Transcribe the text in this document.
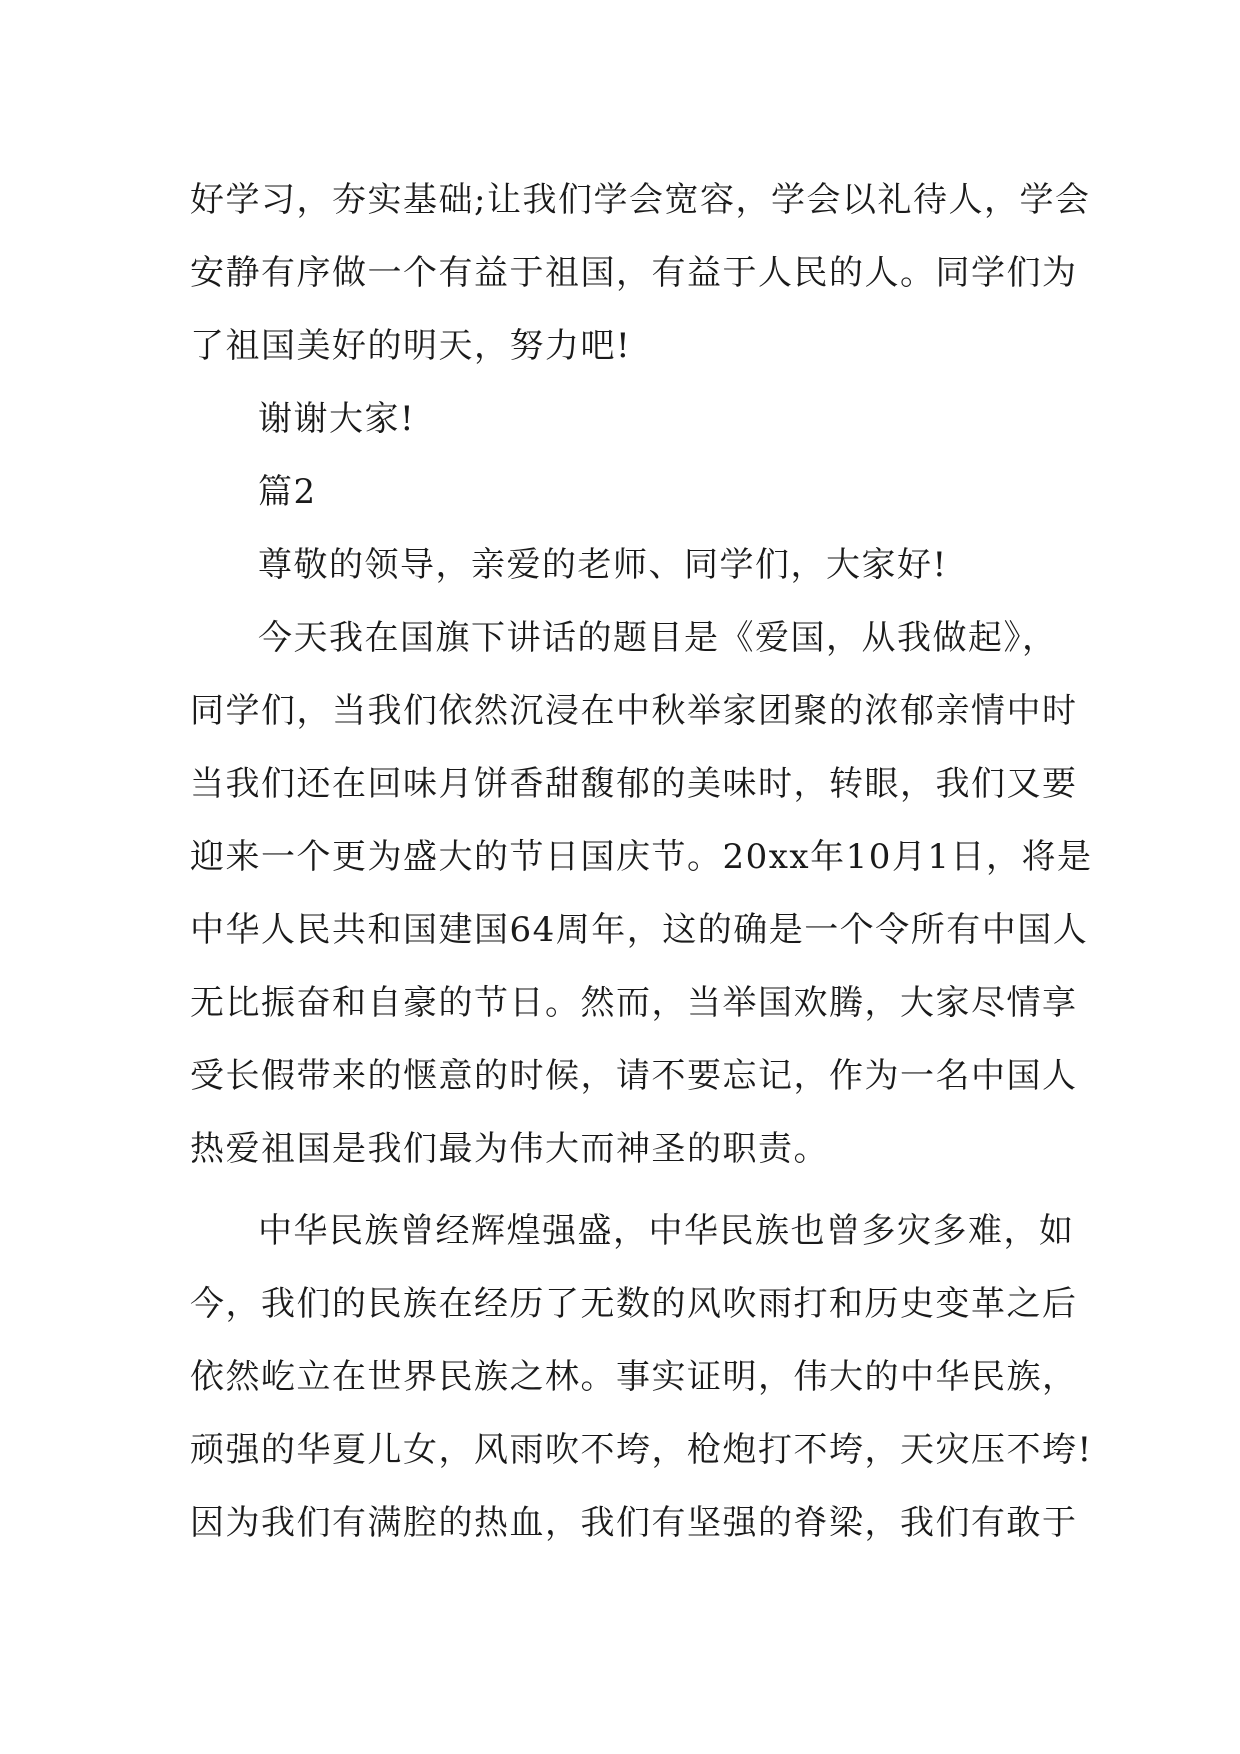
好学习，夯实基础;让我们学会宽容，学会以礼待人，学会
安静有序做一个有益于祖国，有益于人民的人。同学们为
了祖国美好的明天，努力吧!
谢谢大家!
篇2
尊敬的领导，亲爱的老师、同学们，大家好!
今天我在国旗下讲话的题目是《爱国，从我做起》，
同学们，当我们依然沉浸在中秋举家团聚的浓郁亲情中时
当我们还在回味月饼香甜馥郁的美味时，转眼，我们又要
迎来一个更为盛大的节日国庆节。20xx年10月1日，将是
中华人民共和国建国64周年，这的确是一个令所有中国人
无比振奋和自豪的节日。然而，当举国欢腾，大家尽情享
受长假带来的惬意的时候，请不要忘记，作为一名中国人
热爱祖国是我们最为伟大而神圣的职责。
中华民族曾经辉煌强盛，中华民族也曾多灾多难，如
今，我们的民族在经历了无数的风吹雨打和历史变革之后
依然屹立在世界民族之林。事实证明，伟大的中华民族，
顽强的华夏儿女，风雨吹不垮，枪炮打不垮，天灾压不垮!
因为我们有满腔的热血，我们有坚强的脊梁，我们有敢于
